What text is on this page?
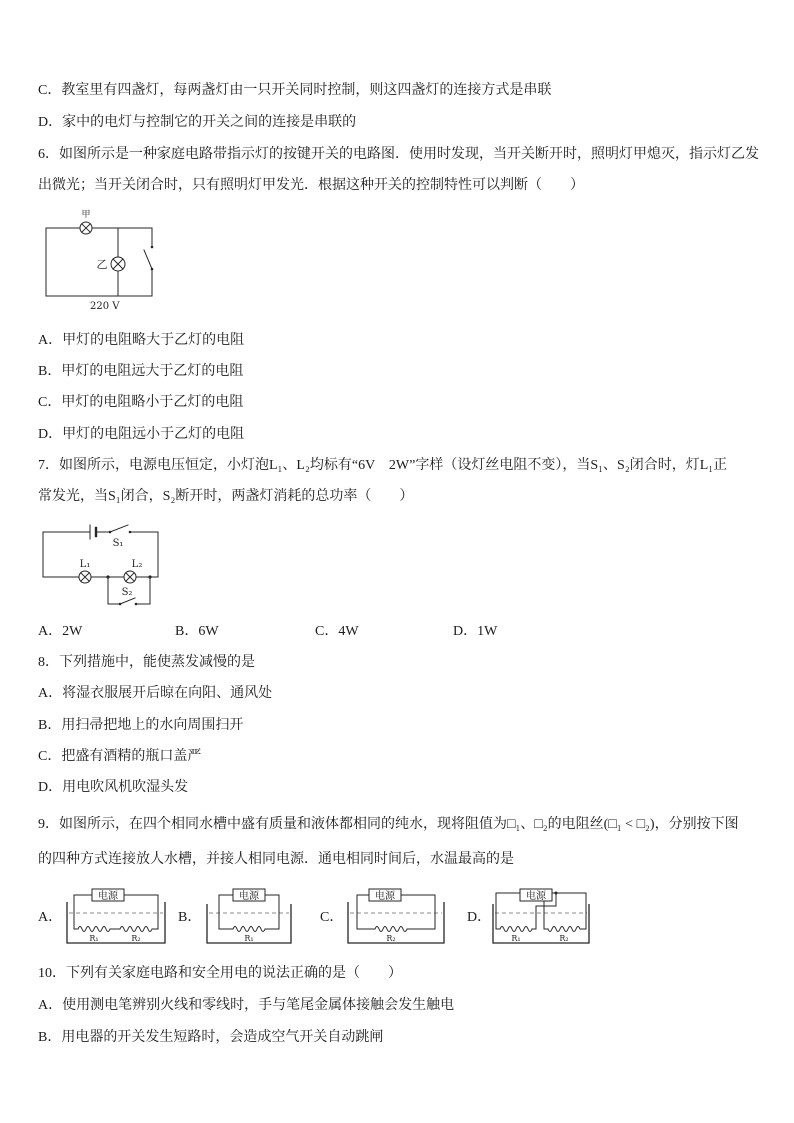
C．教室里有四盏灯，每两盏灯由一只开关同时控制，则这四盏灯的连接方式是串联
D．家中的电灯与控制它的开关之间的连接是串联的
6．如图所示是一种家庭电路带指示灯的按键开关的电路图．使用时发现，当开关断开时，照明灯甲熄灭，指示灯乙发
出微光；当开关闭合时，只有照明灯甲发光．根据这种开关的控制特性可以判断（　　）
甲
乙
220 V
A．甲灯的电阻略大于乙灯的电阻
B．甲灯的电阻远大于乙灯的电阻
C．甲灯的电阻略小于乙灯的电阻
D．甲灯的电阻远小于乙灯的电阻
7．如图所示，电源电压恒定，小灯泡L₁、L₂均标有“6V　2W”字样（设灯丝电阻不变），当S₁、S₂闭合时，灯L₁正
常发光，当S₁闭合，S₂断开时，两盏灯消耗的总功率（　　）
S₁
L₁	L₂
S₂
A．2W	B．6W	C．4W	D．1W
8．下列措施中，能使蒸发减慢的是
A．将湿衣服展开后晾在向阳、通风处
B．用扫帚把地上的水向周围扫开
C．把盛有酒精的瓶口盖严
D．用电吹风机吹湿头发
9．如图所示，在四个相同水槽中盛有质量和液体都相同的纯水，现将阻值为□₁、□₂的电阻丝(□₁ < □₂)，分别按下图
的四种方式连接放人水槽，并接人相同电源．通电相同时间后，水温最高的是
A．
电源
R₁	R₂
B．
电源
R₁
C．
电源
R₂
D．
电源
R₁	R₂
10．下列有关家庭电路和安全用电的说法正确的是（　　）
A．使用测电笔辨别火线和零线时，手与笔尾金属体接触会发生触电
B．用电器的开关发生短路时，会造成空气开关自动跳闸
